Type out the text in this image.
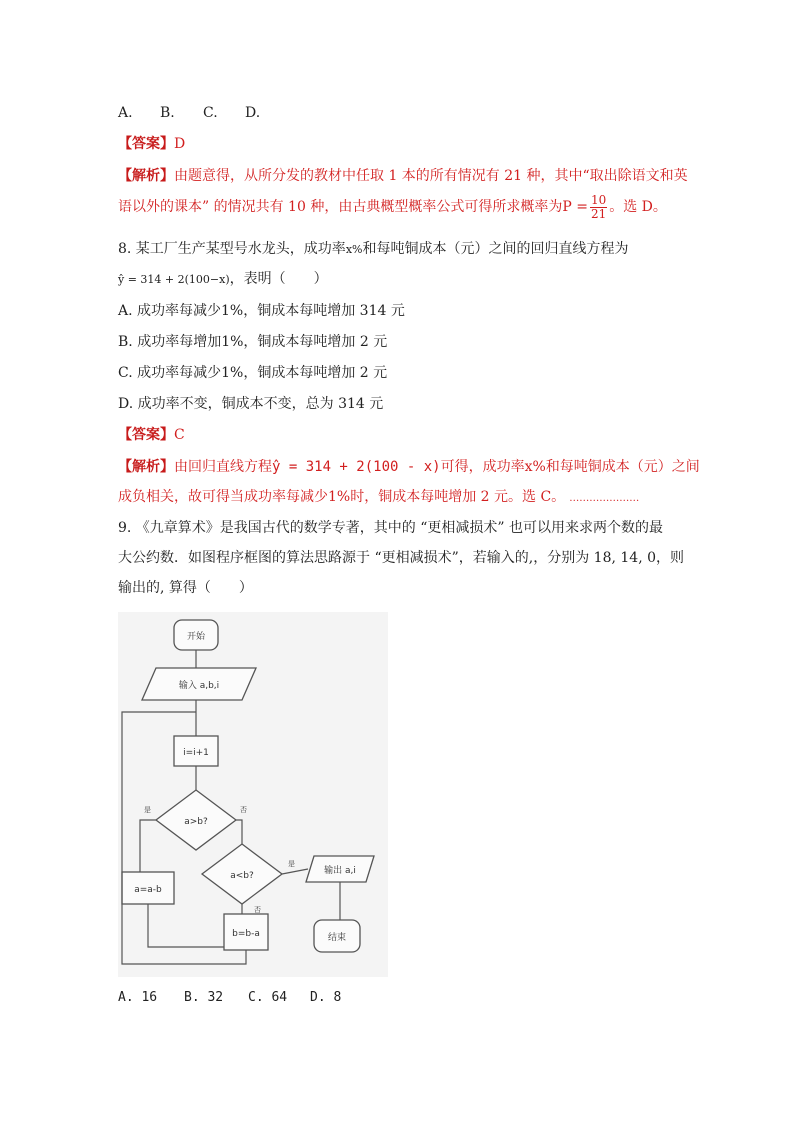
A. B. C. D.
【答案】D
【解析】由题意得，从所分发的教材中任取 1 本的所有情况有 21 种，其中“取出除语文和英
语以外的课本” 的情况共有 10 种，由古典概型概率公式可得所求概率为$P = \frac{10}{21}$ 。选 D。
8. 某工厂生产某型号水龙头，成功率x%和每吨铜成本（元）之间的回归直线方程为
ŷ = 314 + 2(100−x)，表明（　　）
A. 成功率每减少1%，铜成本每吨增加 314 元
B. 成功率每增加1%，铜成本每吨增加 2 元
C. 成功率每减少1%，铜成本每吨增加 2 元
D. 成功率不变，铜成本不变，总为 314 元
【答案】C
【解析】由回归直线方程ŷ = 314 + 2(100 - x)可得，成功率x%和每吨铜成本（元）之间
成负相关，故可得当成功率每减少1%时，铜成本每吨增加 2 元。选 C。 …………………
9. 《九章算术》是我国古代的数学专著，其中的 “更相减损术” 也可以用来求两个数的最
大公约数．如图程序框图的算法思路源于 “更相减损术”，若输入的,，分别为 18, 14, 0，则
输出的, 算得（　　）
开始
输入 a,b,i
i=i+1
a>b?
a<b?
a=a-b
b=b-a
输出 a,i
结束
是	否
是
否
A. 16 B. 32 C. 64 D. 8
